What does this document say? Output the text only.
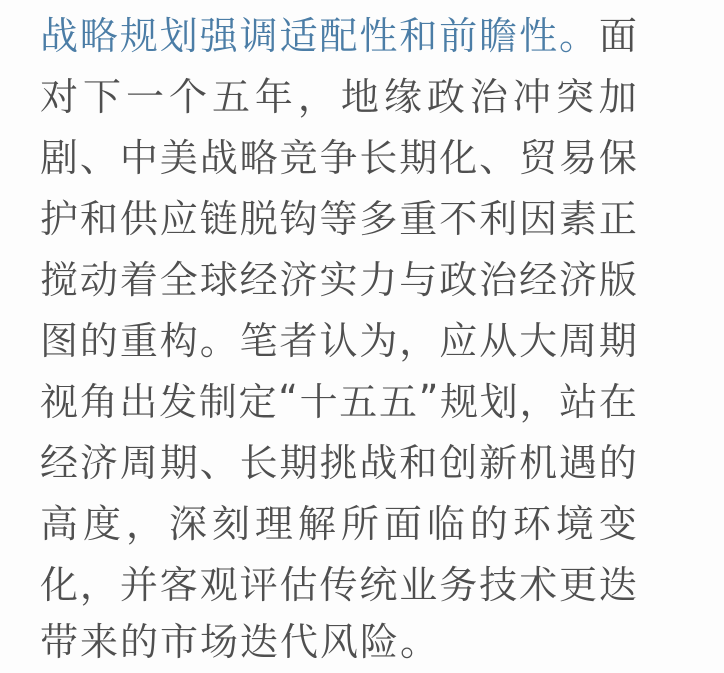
战 略 规 划 强 调 适 配 性 和 前 瞻 性 。 面
对 下 一 个 五 年 ， 地 缘 政 治 冲 突 加
剧 、 中 美 战 略 竞 争 长 期 化 、 贸 易 保
护 和 供 应 链 脱 钩 等 多 重 不 利 因 素 正
搅 动 着 全 球 经 济 实 力 与 政 治 经 济 版
图 的 重 构 。 笔 者 认 为 ， 应 从 大 周 期
视 角 出 发 制 定 “ 十 五 五 ” 规 划 ， 站 在
经 济 周 期 、 长 期 挑 战 和 创 新 机 遇 的
高 度 ， 深 刻 理 解 所 面 临 的 环 境 变
化 ， 并 客 观 评 估 传 统 业 务 技 术 更 迭
带来的市场迭代风险。
